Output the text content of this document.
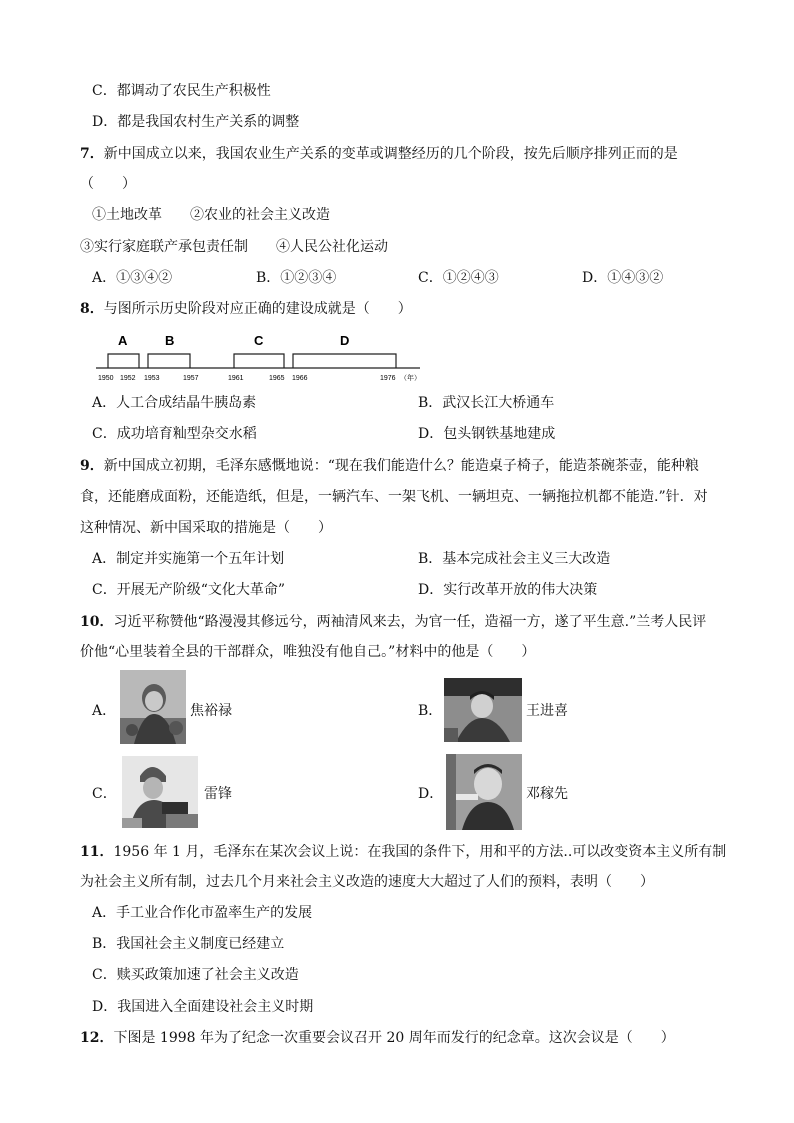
C．都调动了农民生产积极性
D．都是我国农村生产关系的调整
7．新中国成立以来，我国农业生产关系的变革或调整经历的几个阶段，按先后顺序排列正而的是
（　　）
①土地改革　　②农业的社会主义改造
③实行家庭联产承包责任制　　④人民公社化运动
A．①③④②	B．①②③④	C．①②④③	D．①④③②
8．与图所示历史阶段对应正确的建设成就是（　　）
A	B	C	D
1950 1952 1953	1957	1961	1965 1966	1976 （年）
A．人工合成结晶牛胰岛素	B．武汉长江大桥通车
C．成功培育籼型杂交水稻	D．包头钢铁基地建成
9．新中国成立初期，毛泽东感慨地说：“现在我们能造什么？能造桌子椅子，能造茶碗茶壶，能种粮
食，还能磨成面粉，还能造纸，但是，一辆汽车、一架飞机、一辆坦克、一辆拖拉机都不能造.”针．对
这种情况、新中国采取的措施是（　　）
A．制定并实施第一个五年计划	B．基本完成社会主义三大改造
C．开展无产阶级“文化大革命”	D．实行改革开放的伟大决策
10．习近平称赞他“路漫漫其修远兮，两袖清风来去，为官一任，造福一方，遂了平生意.”兰考人民评
价他“心里装着全县的干部群众，唯独没有他自己。”材料中的他是（　　）
A．	焦裕禄	B．	王进喜
C．	雷锋	D．	邓稼先
11．1956 年 1 月，毛泽东在某次会议上说：在我国的条件下，用和平的方法..可以改变资本主义所有制
为社会主义所有制，过去几个月来社会主义改造的速度大大超过了人们的预料，表明（　　）
A．手工业合作化市盈率生产的发展
B．我国社会主义制度已经建立
C．赎买政策加速了社会主义改造
D．我国进入全面建设社会主义时期
12．下图是 1998 年为了纪念一次重要会议召开 20 周年而发行的纪念章。这次会议是（　　）
